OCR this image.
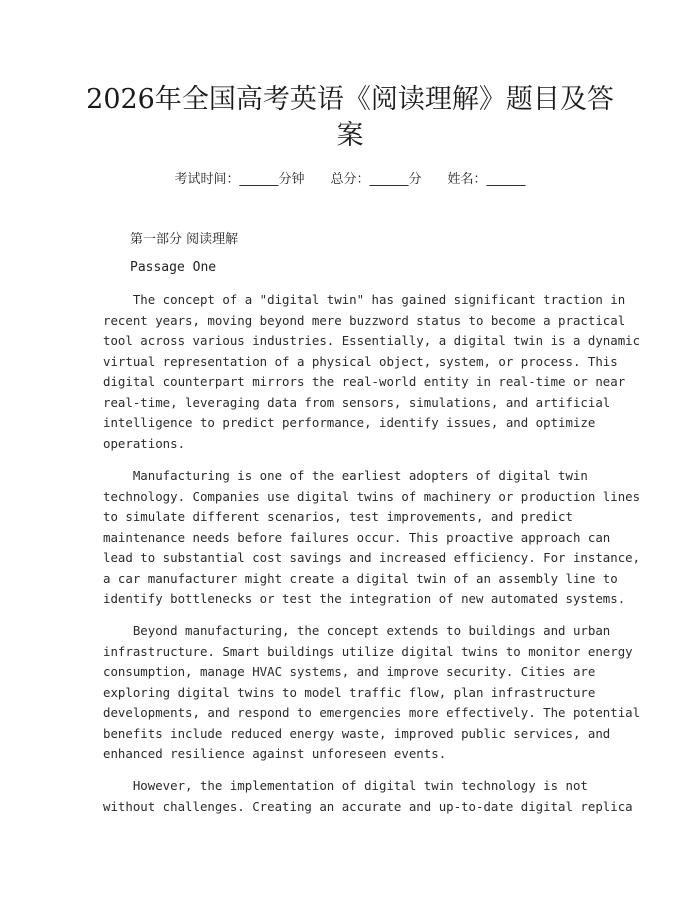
2026年全国高考英语《阅读理解》题目及答
案
考试时间：______分钟 总分：______分 姓名：______
第一部分 阅读理解
Passage One
The concept of a "digital twin" has gained significant traction in
recent years, moving beyond mere buzzword status to become a practical
tool across various industries. Essentially, a digital twin is a dynamic
virtual representation of a physical object, system, or process. This
digital counterpart mirrors the real-world entity in real-time or near
real-time, leveraging data from sensors, simulations, and artificial
intelligence to predict performance, identify issues, and optimize
operations.
Manufacturing is one of the earliest adopters of digital twin
technology. Companies use digital twins of machinery or production lines
to simulate different scenarios, test improvements, and predict
maintenance needs before failures occur. This proactive approach can
lead to substantial cost savings and increased efficiency. For instance,
a car manufacturer might create a digital twin of an assembly line to
identify bottlenecks or test the integration of new automated systems.
Beyond manufacturing, the concept extends to buildings and urban
infrastructure. Smart buildings utilize digital twins to monitor energy
consumption, manage HVAC systems, and improve security. Cities are
exploring digital twins to model traffic flow, plan infrastructure
developments, and respond to emergencies more effectively. The potential
benefits include reduced energy waste, improved public services, and
enhanced resilience against unforeseen events.
However, the implementation of digital twin technology is not
without challenges. Creating an accurate and up-to-date digital replica
